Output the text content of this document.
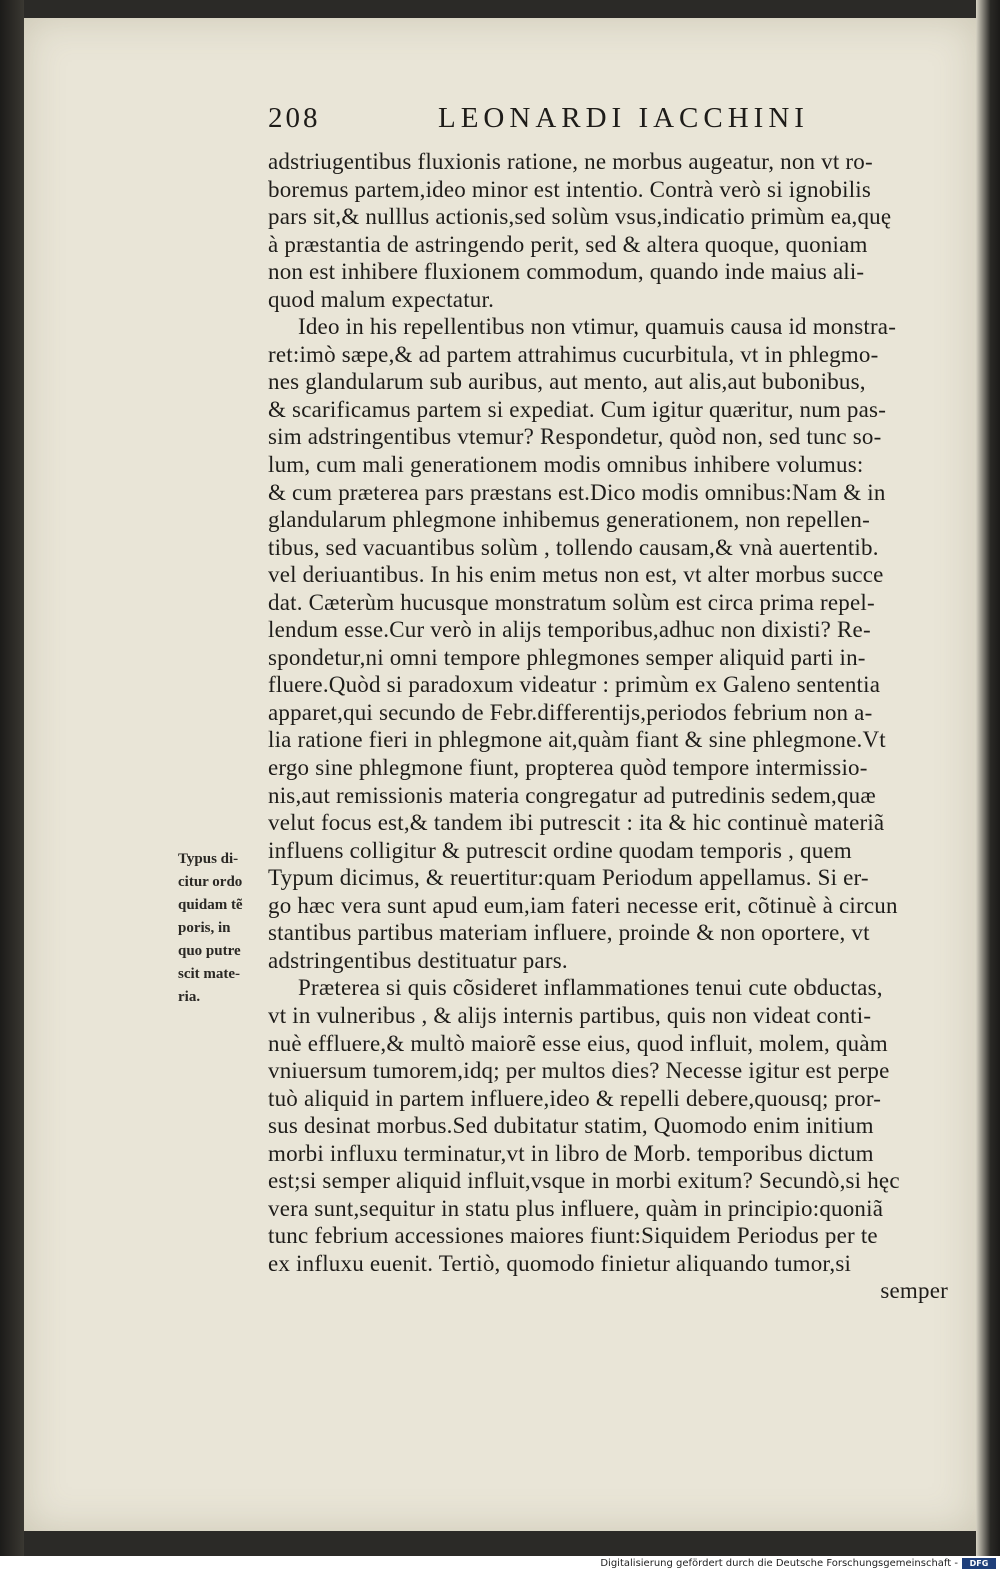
208	LEONARDI IACCHINI
adstriugentibus fluxionis ratione, ne morbus augeatur, non vt ro-
boremus partem,ideo minor est intentio. Contrà verò si ignobilis
pars sit,& nulllus actionis,sed solùm vsus,indicatio primùm ea,quę
à præstantia de astringendo perit, sed & altera quoque, quoniam
non est inhibere fluxionem commodum, quando inde maius ali-
quod malum expectatur.
Ideo in his repellentibus non vtimur, quamuis causa id monstra-
ret:imò sæpe,& ad partem attrahimus cucurbitula, vt in phlegmo-
nes glandularum sub auribus, aut mento, aut alis,aut bubonibus,
& scarificamus partem si expediat. Cum igitur quæritur, num pas-
sim adstringentibus vtemur? Respondetur, quòd non, sed tunc so-
lum, cum mali generationem modis omnibus inhibere volumus:
& cum præterea pars præstans est.Dico modis omnibus:Nam & in
glandularum phlegmone inhibemus generationem, non repellen-
tibus, sed vacuantibus solùm , tollendo causam,& vnà auertentib.
vel deriuantibus. In his enim metus non est, vt alter morbus succe
dat. Cæterùm hucusque monstratum solùm est circa prima repel-
lendum esse.Cur verò in alijs temporibus,adhuc non dixisti? Re-
spondetur,ni omni tempore phlegmones semper aliquid parti in-
fluere.Quòd si paradoxum videatur : primùm ex Galeno sententia
apparet,qui secundo de Febr.differentijs,periodos febrium non a-
lia ratione fieri in phlegmone ait,quàm fiant & sine phlegmone.Vt
ergo sine phlegmone fiunt, propterea quòd tempore intermissio-
nis,aut remissionis materia congregatur ad putredinis sedem,quæ
velut focus est,& tandem ibi putrescit : ita & hic continuè materiã
influens colligitur & putrescit ordine quodam temporis , quem
Typum dicimus, & reuertitur:quam Periodum appellamus. Si er-
go hæc vera sunt apud eum,iam fateri necesse erit, cõtinuè à circun
stantibus partibus materiam influere, proinde & non oportere, vt
adstringentibus destituatur pars.
Præterea si quis cõsideret inflammationes tenui cute obductas,
vt in vulneribus , & alijs internis partibus, quis non videat conti-
nuè effluere,& multò maiorẽ esse eius, quod influit, molem, quàm
vniuersum tumorem,idq; per multos dies? Necesse igitur est perpe
tuò aliquid in partem influere,ideo & repelli debere,quousq; pror-
sus desinat morbus.Sed dubitatur statim, Quomodo enim initium
morbi influxu terminatur,vt in libro de Morb. temporibus dictum
est;si semper aliquid influit,vsque in morbi exitum? Secundò,si hęc
vera sunt,sequitur in statu plus influere, quàm in principio:quoniã
tunc febrium accessiones maiores fiunt:Siquidem Periodus per te
ex influxu euenit. Tertiò, quomodo finietur aliquando tumor,si
semper
Typus di-
citur ordo
quidam tẽ
poris, in
quo putre
scit mate-
ria.
Digitalisierung gefördert durch die Deutsche Forschungsgemeinschaft -	DFG
